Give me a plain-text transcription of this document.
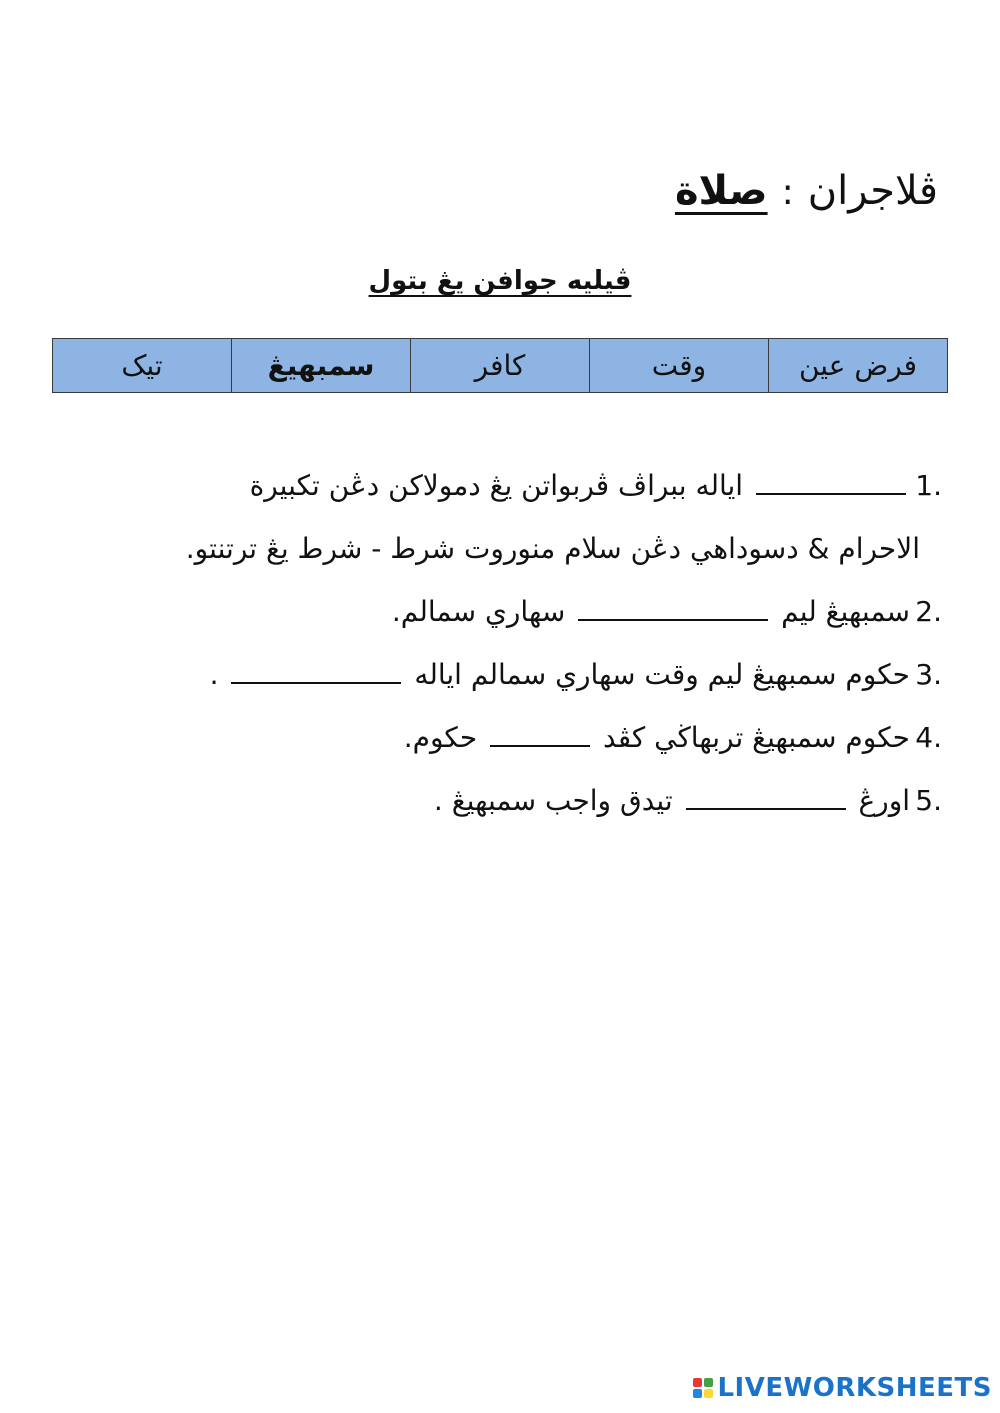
ڤلاجران
:
صلاة
ڤيليه جوافن يڠ بتول
فرض عين	وقت	كافر	سمبهيڠ	تيک
1.
اياله ببراڤ ڤربواتن يڠ دمولاکن دڠن تکبيرة
الاحرام & دسوداهي دڠن سلام منوروت شرط - شرط يڠ ترتنتو.
2.
سمبهيڠ ليم  سهاري سمالم.
3.
حکوم سمبهيڠ ليم وقت سهاري سمالم اياله  .
4.
حکوم سمبهيڠ تربهاڬي کڤد  حکوم.
5.
اورڠ  تيدق واجب سمبهيڠ .
LIVEWORKSHEETS
